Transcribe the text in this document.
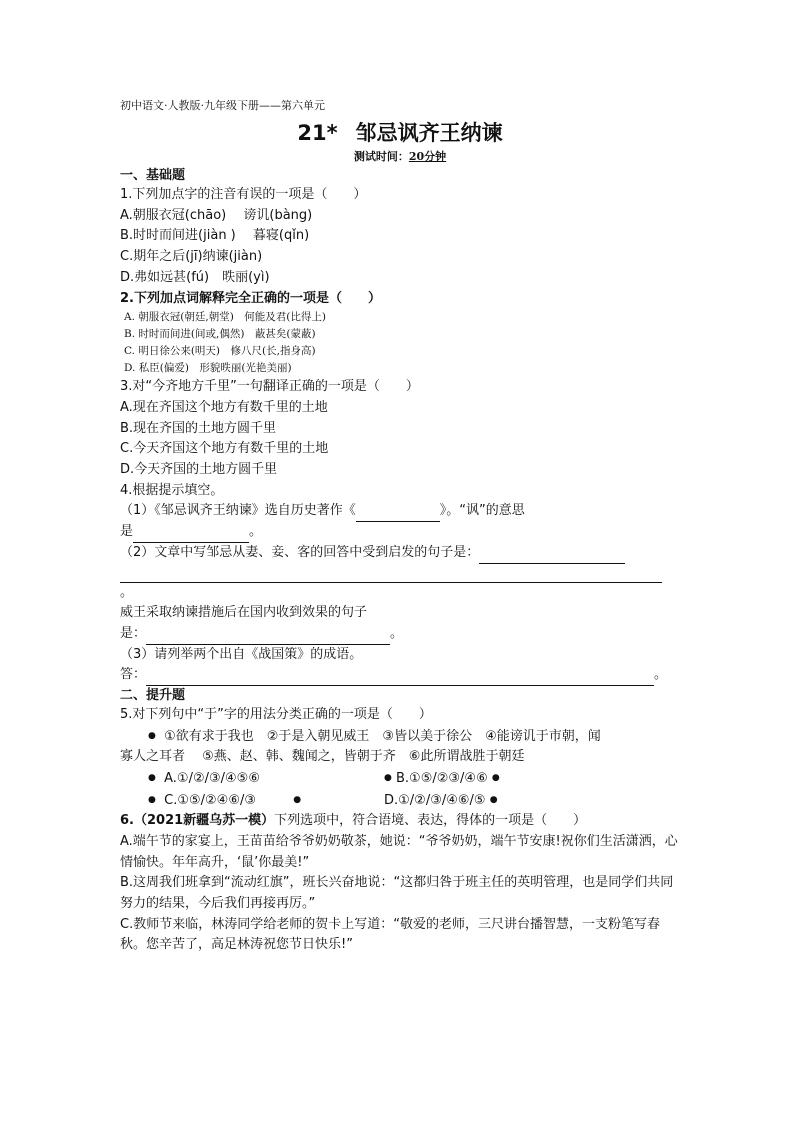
初中语文·人教版·九年级下册——第六单元
21* 邹忌讽齐王纳谏
测试时间：20分钟
一、基础题
1.下列加点字的注音有误的一项是（　　）
A.朝服衣冠(chāo)　 谤讥(bàng)
B.时时而间进(jiàn )　 暮寝(qǐn)
C.期年之后(jī)纳谏(jiàn)
D.弗如远甚(fú)　昳丽(yì)
2.下列加点词解释完全正确的一项是（　　）
A. 朝服衣冠(朝廷,朝堂)　何能及君(比得上)
B. 时时而间进(间或,偶然)　蔽甚矣(蒙蔽)
C. 明日徐公来(明天)　修八尺(长,指身高)
D. 私臣(偏爱)　形貌昳丽(光艳美丽)
3.对“今齐地方千里”一句翻译正确的一项是（　　）
A.现在齐国这个地方有数千里的土地
B.现在齐国的土地方圆千里
C.今天齐国这个地方有数千里的土地
D.今天齐国的土地方圆千里
4.根据提示填空。
（1）《邹忌讽齐王纳谏》选自历史著作《	》。“讽”的意思
是	。
（2）文章中写邹忌从妻、妾、客的回答中受到启发的句子是：
。
威王采取纳谏措施后在国内收到效果的句子
是：	。
（3）请列举两个出自《战国策》的成语。
答：	。
二、提升题
5.对下列句中“于”字的用法分类正确的一项是（　　）
● ①欲有求于我也　②于是入朝见威王　③皆以美于徐公　④能谤讥于市朝，闻
寡人之耳者　 ⑤燕、赵、韩、魏闻之，皆朝于齐　⑥此所谓战胜于朝廷
● A.①/②/③/④⑤⑥	● B.①⑤/②③/④⑥ ●
● C.①⑤/②④⑥/③	●	D.①/②/③/④⑥/⑤ ●
6.（2021新疆乌苏一模）下列选项中，符合语境、表达，得体的一项是（　　）
A.端午节的家宴上，王苗苗给爷爷奶奶敬茶，她说：“爷爷奶奶，端午节安康!祝你们生活潇洒，心情愉快。年年高升，‘鼠’你最美!”
B.这周我们班拿到“流动红旗”，班长兴奋地说：“这都归咎于班主任的英明管理，也是同学们共同努力的结果，今后我们再接再厉。”
C.教师节来临，林涛同学给老师的贺卡上写道：“敬爱的老师，三尺讲台播智慧，一支粉笔写春秋。您辛苦了，高足林涛祝您节日快乐!”
